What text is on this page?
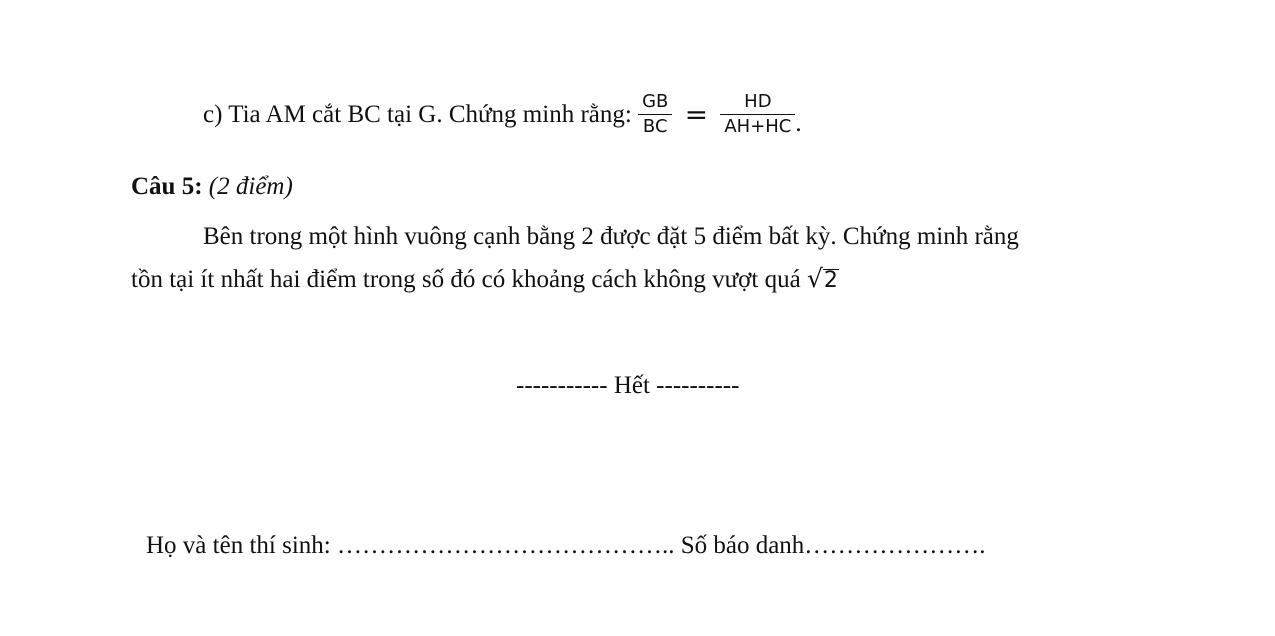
c) Tia AM cắt BC tại G. Chứng minh rằng: $\frac{GB}{BC} = \frac{HD}{AH+HC}$ .
Câu 5: (2 điểm)
Bên trong một hình vuông cạnh bằng 2 được đặt 5 điểm bất kỳ. Chứng minh rằng
tồn tại ít nhất hai điểm trong số đó có khoảng cách không vượt quá √2
----------- Hết ----------
Họ và tên thí sinh: ………………………………….. Số báo danh………………….
